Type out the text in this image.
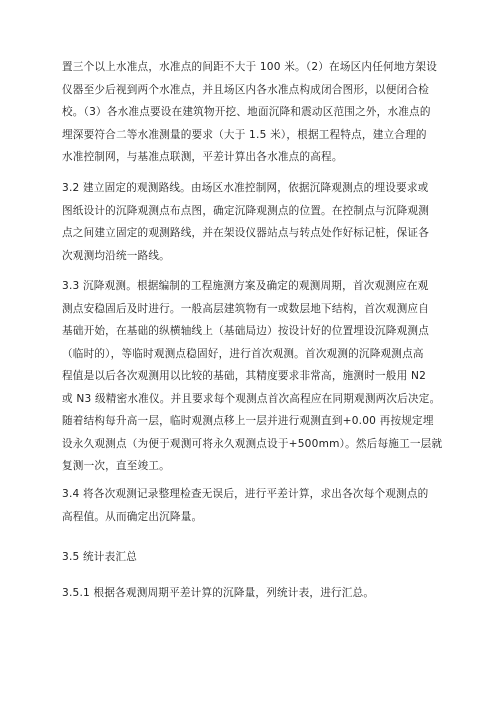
置三个以上水准点，水准点的间距不大于 100 米。（2）在场区内任何地方架设
仪器至少后视到两个水准点，并且场区内各水准点构成闭合图形，以便闭合检
校。（3）各水准点要设在建筑物开挖、地面沉降和震动区范围之外，水准点的
埋深要符合二等水准测量的要求（大于 1.5 米），根据工程特点，建立合理的
水准控制网，与基准点联测，平差计算出各水准点的高程。
3.2 建立固定的观测路线。由场区水准控制网，依据沉降观测点的埋设要求或
图纸设计的沉降观测点布点图，确定沉降观测点的位置。在控制点与沉降观测
点之间建立固定的观测路线，并在架设仪器站点与转点处作好标记桩，保证各
次观测均沿统一路线。
3.3 沉降观测。根据编制的工程施测方案及确定的观测周期，首次观测应在观
测点安稳固后及时进行。一般高层建筑物有一或数层地下结构，首次观测应自
基础开始，在基础的纵横轴线上（基础局边）按设计好的位置埋设沉降观测点
（临时的），等临时观测点稳固好，进行首次观测。首次观测的沉降观测点高
程值是以后各次观测用以比较的基础，其精度要求非常高，施测时一般用 N2
或 N3 级精密水准仪。并且要求每个观测点首次高程应在同期观测两次后决定。
随着结构每升高一层，临时观测点移上一层并进行观测直到+0.00 再按规定埋
设永久观测点（为便于观测可将永久观测点设于+500mm）。然后每施工一层就
复测一次，直至竣工。
3.4 将各次观测记录整理检查无误后，进行平差计算，求出各次每个观测点的
高程值。从而确定出沉降量。
3.5 统计表汇总
3.5.1 根据各观测周期平差计算的沉降量，列统计表，进行汇总。
